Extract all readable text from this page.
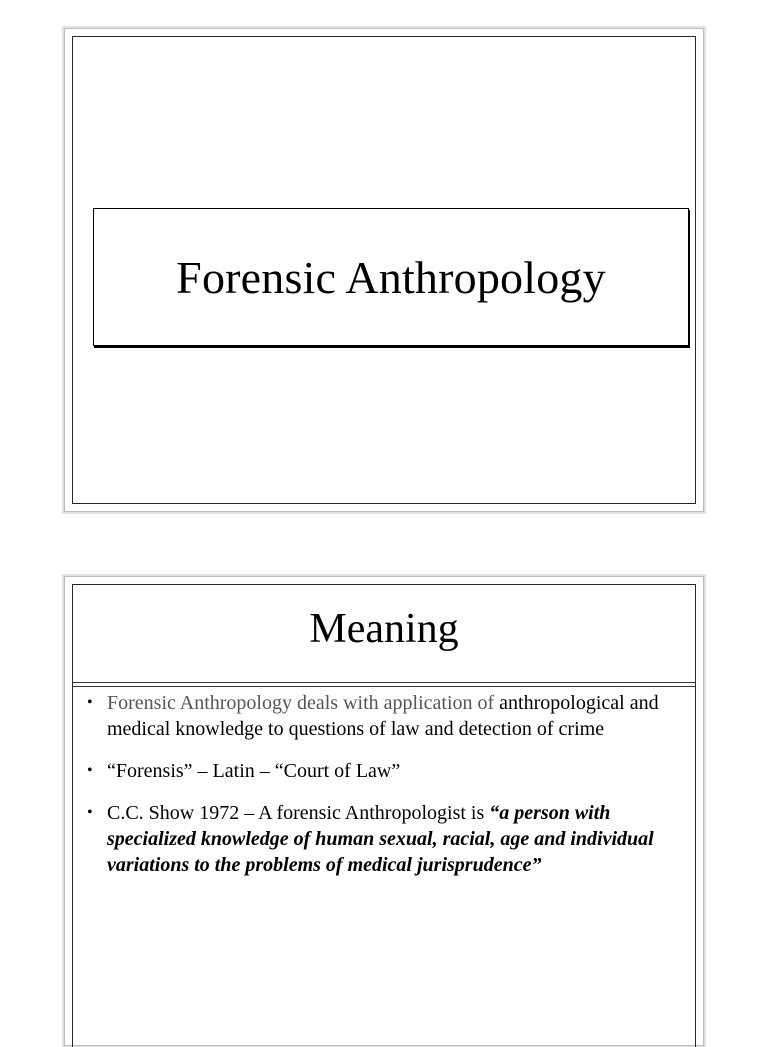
Forensic Anthropology
Meaning
• Forensic Anthropology deals with application of anthropological and medical knowledge to questions of law and detection of crime
• “Forensis” – Latin – “Court of Law”
• C.C. Show 1972 – A forensic Anthropologist is “a person with specialized knowledge of human sexual, racial, age and individual variations to the problems of medical jurisprudence”
